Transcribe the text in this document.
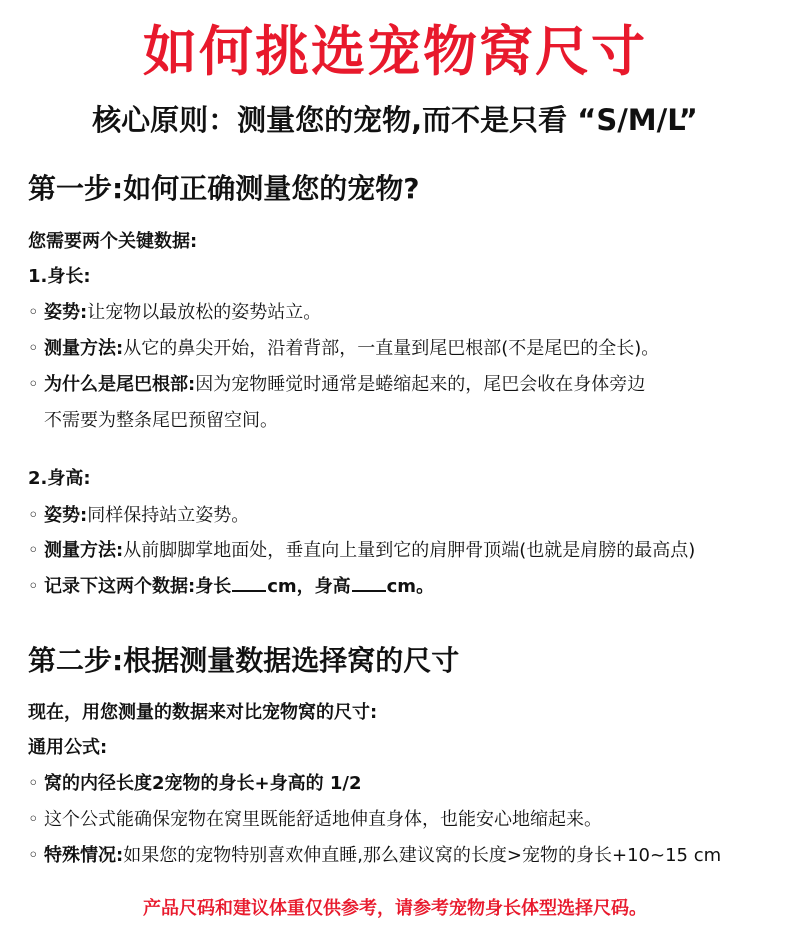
如何挑选宠物窝尺寸
核心原则：测量您的宠物,而不是只看 “S/M/L”
第一步:如何正确测量您的宠物?
您需要两个关键数据:
1.身长:
◦ 姿势:让宠物以最放松的姿势站立。
◦ 测量方法:从它的鼻尖开始，沿着背部，一直量到尾巴根部(不是尾巴的全长)。
◦ 为什么是尾巴根部:因为宠物睡觉时通常是蜷缩起来的，尾巴会收在身体旁边
不需要为整条尾巴预留空间。
2.身高:
◦ 姿势:同样保持站立姿势。
◦ 测量方法:从前脚脚掌地面处，垂直向上量到它的肩胛骨顶端(也就是肩膀的最高点)
◦ 记录下这两个数据:身长 cm，身高 cm。
第二步:根据测量数据选择窝的尺寸
现在，用您测量的数据来对比宠物窝的尺寸:
通用公式:
◦ 窝的内径长度2宠物的身长+身高的 1/2
◦ 这个公式能确保宠物在窝里既能舒适地伸直身体，也能安心地缩起来。
◦ 特殊情况:如果您的宠物特别喜欢伸直睡,那么建议窝的长度>宠物的身长+10~15 cm
产品尺码和建议体重仅供参考，请参考宠物身长体型选择尺码。
